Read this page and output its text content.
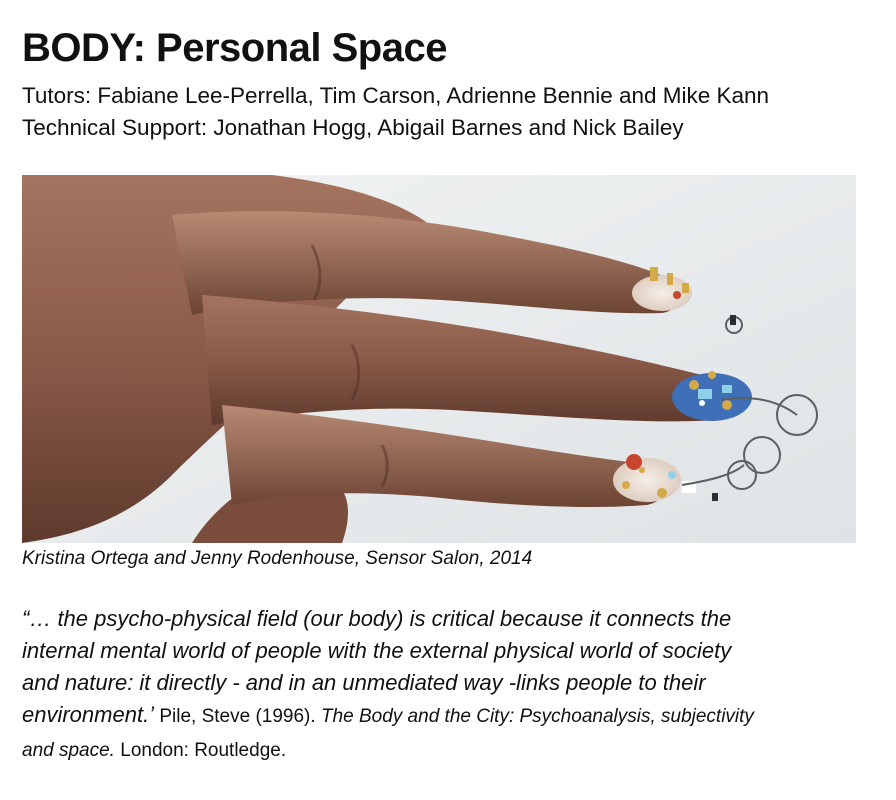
BODY: Personal Space
Tutors: Fabiane Lee-Perrella, Tim Carson, Adrienne Bennie and Mike Kann
Technical Support: Jonathan Hogg, Abigail Barnes and Nick Bailey
Kristina Ortega and Jenny Rodenhouse, Sensor Salon, 2014
“… the psycho-physical field (our body) is critical because it connects the
internal mental world of people with the external physical world of society
and nature: it directly - and in an unmediated way -links people to their
environment.’ Pile, Steve (1996). The Body and the City: Psychoanalysis, subjectivity
and space. London: Routledge.
